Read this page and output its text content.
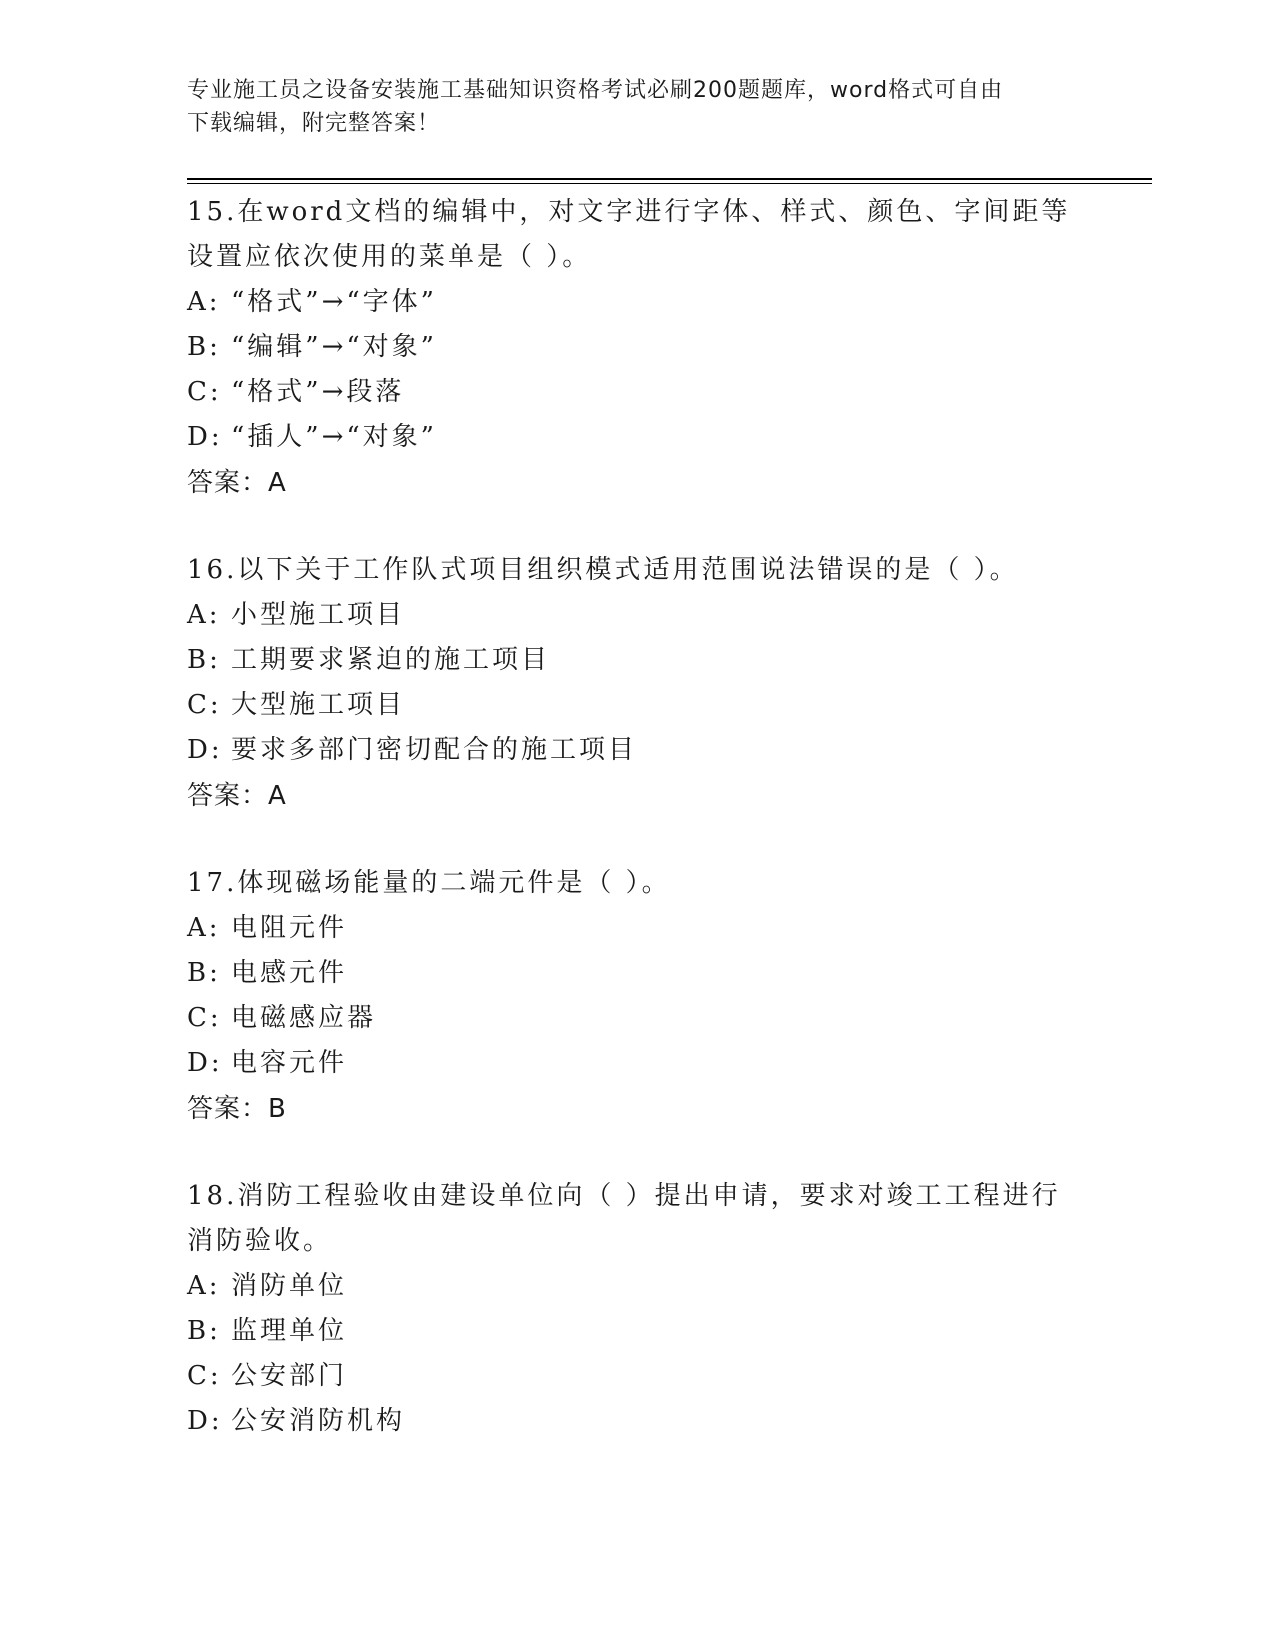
专业施工员之设备安装施工基础知识资格考试必刷200题题库，word格式可自由
下载编辑，附完整答案！

15.在word文档的编辑中，对文字进行字体、样式、颜色、字间距等
设置应依次使用的菜单是（ ）。

A: “格式”→“字体”

B: “编辑”→“对象”

C: “格式”→段落

D: “插人”→“对象”

答案：A

16.以下关于工作队式项目组织模式适用范围说法错误的是（ ）。

A: 小型施工项目

B: 工期要求紧迫的施工项目

C: 大型施工项目

D: 要求多部门密切配合的施工项目

答案：A

17.体现磁场能量的二端元件是（ ）。

A: 电阻元件

B: 电感元件

C: 电磁感应器

D: 电容元件

答案：B

18.消防工程验收由建设单位向（ ）提出申请，要求对竣工工程进行
消防验收。

A: 消防单位

B: 监理单位

C: 公安部门

D: 公安消防机构
